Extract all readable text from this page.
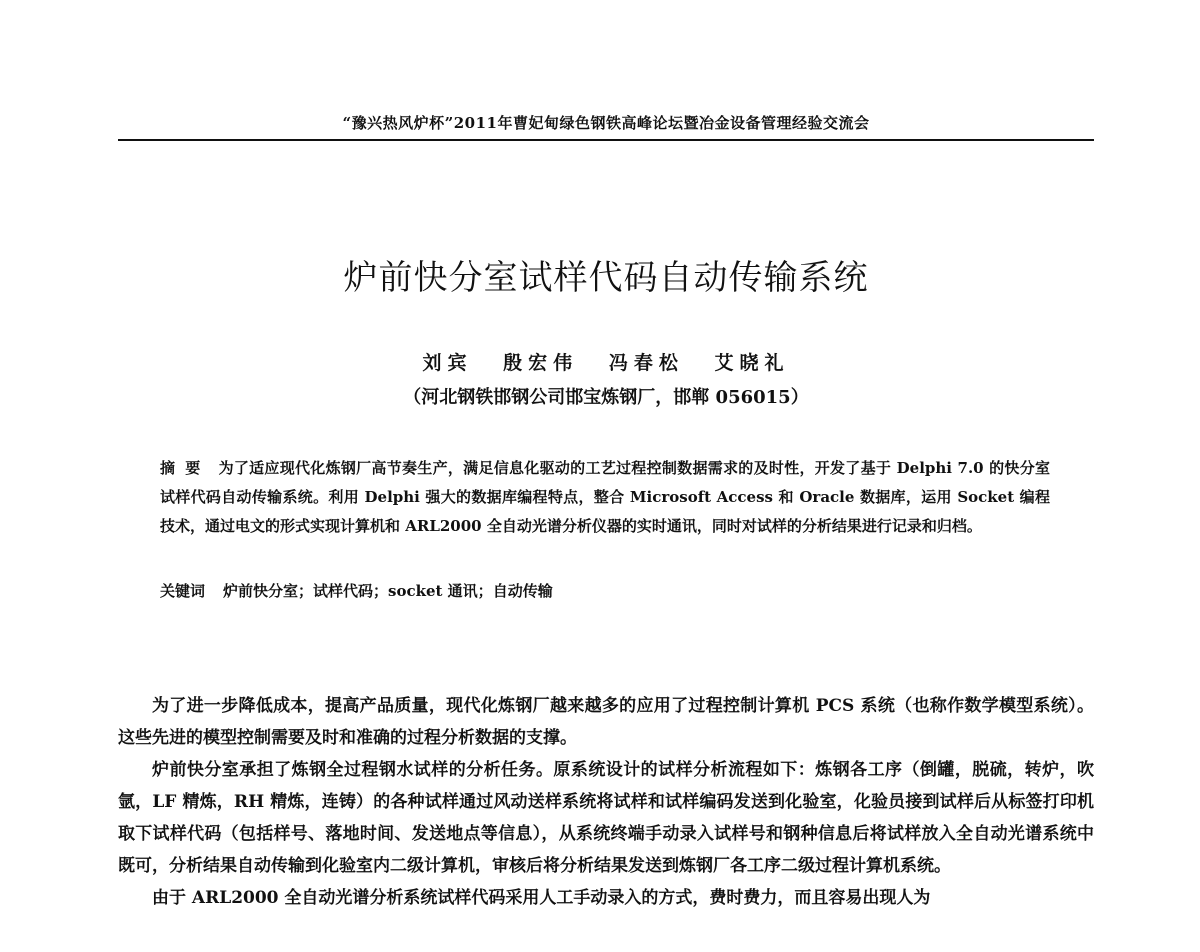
“豫兴热风炉杯”2011年曹妃甸绿色钢铁高峰论坛暨冶金设备管理经验交流会
炉前快分室试样代码自动传输系统
刘宾 殷宏伟 冯春松 艾晓礼
（河北钢铁邯钢公司邯宝炼钢厂，邯郸 056015）
摘要 为了适应现代化炼钢厂高节奏生产，满足信息化驱动的工艺过程控制数据需求的及时性，开发了基于 Delphi 7.0 的快分室试样代码自动传输系统。利用 Delphi 强大的数据库编程特点，整合 Microsoft Access 和 Oracle 数据库，运用 Socket 编程技术，通过电文的形式实现计算机和 ARL2000 全自动光谱分析仪器的实时通讯，同时对试样的分析结果进行记录和归档。
关键词 炉前快分室；试样代码；socket 通讯；自动传输

为了进一步降低成本，提高产品质量，现代化炼钢厂越来越多的应用了过程控制计算机 PCS 系统（也称作数学模型系统）。这些先进的模型控制需要及时和准确的过程分析数据的支撑。

炉前快分室承担了炼钢全过程钢水试样的分析任务。原系统设计的试样分析流程如下：炼钢各工序（倒罐，脱硫，转炉，吹氩，LF 精炼，RH 精炼，连铸）的各种试样通过风动送样系统将试样和试样编码发送到化验室，化验员接到试样后从标签打印机取下试样代码（包括样号、落地时间、发送地点等信息），从系统终端手动录入试样号和钢种信息后将试样放入全自动光谱系统中既可，分析结果自动传输到化验室内二级计算机，审核后将分析结果发送到炼钢厂各工序二级过程计算机系统。

由于 ARL2000 全自动光谱分析系统试样代码采用人工手动录入的方式，费时费力，而且容易出现人为
